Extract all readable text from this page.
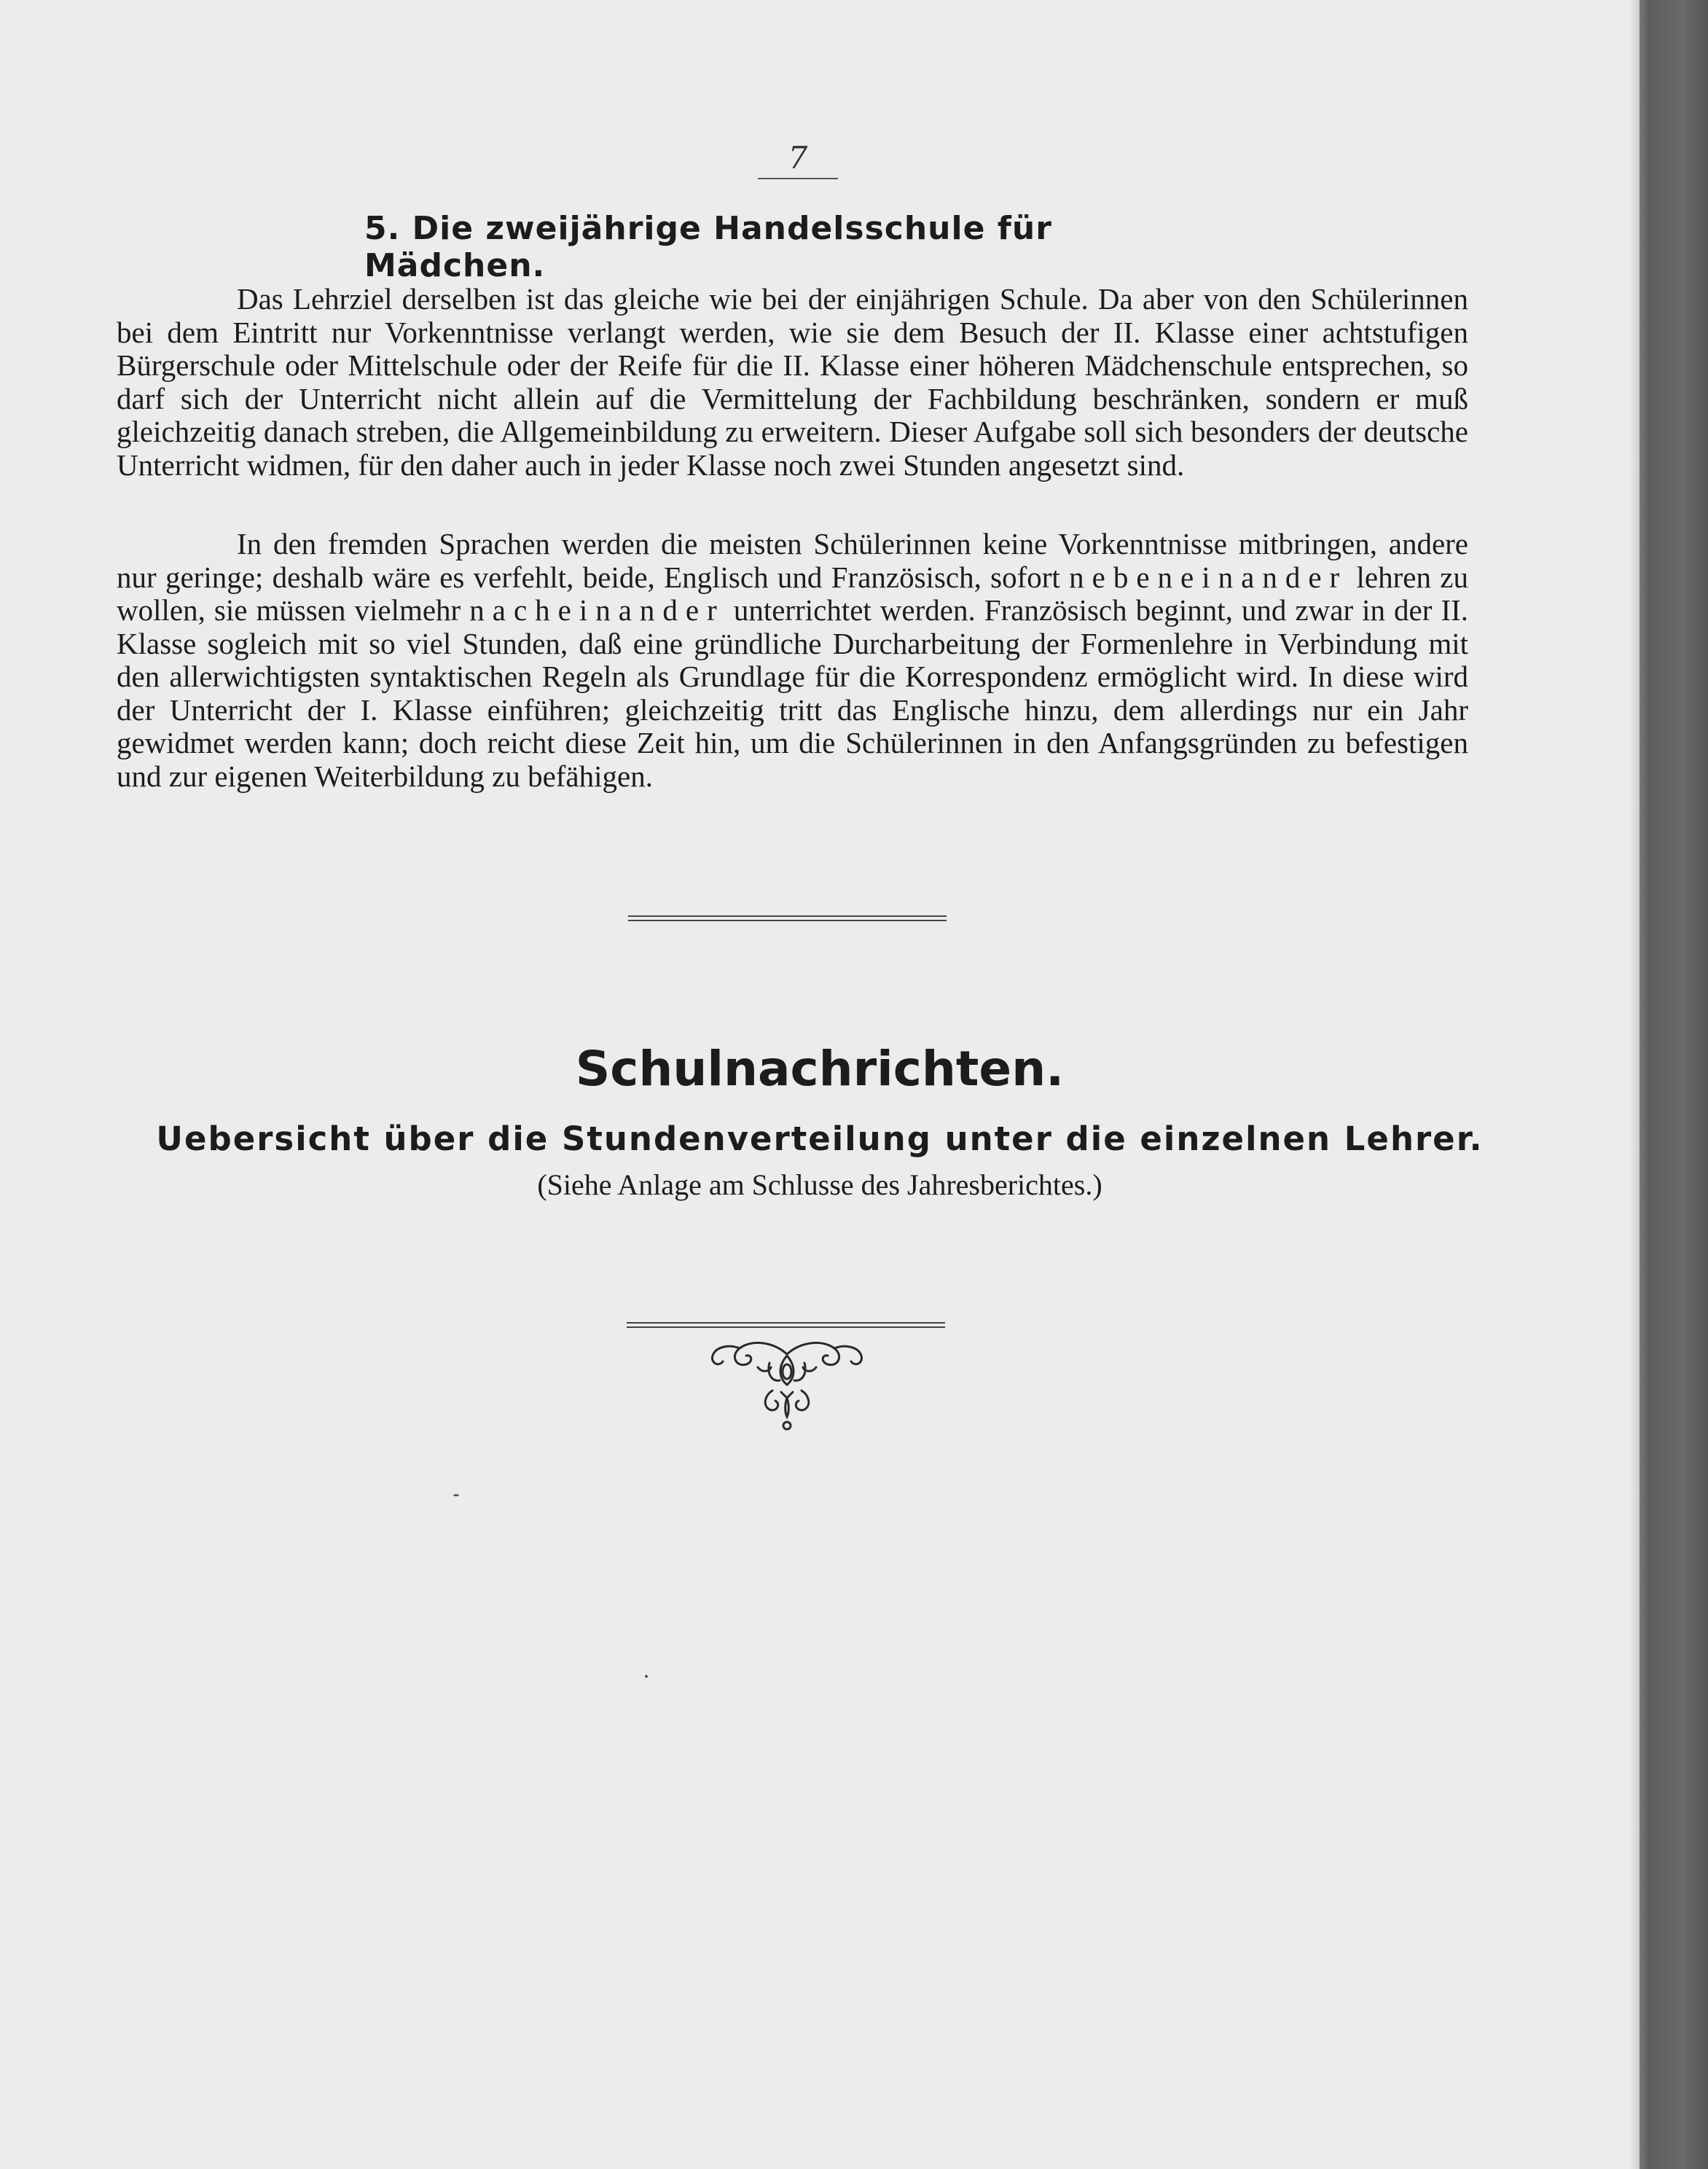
7
5. Die zweijährige Handelsschule für Mädchen.

Das Lehrziel derselben ist das gleiche wie bei der einjährigen Schule. Da aber von den Schülerinnen bei dem Eintritt nur Vorkenntnisse verlangt werden, wie sie dem Besuch der II. Klasse einer achtstufigen Bürgerschule oder Mittelschule oder der Reife für die II. Klasse einer höheren Mädchenschule entsprechen, so darf sich der Unterricht nicht allein auf die Vermittelung der Fachbildung beschränken, sondern er muß gleichzeitig danach streben, die Allgemeinbildung zu erweitern. Dieser Aufgabe soll sich besonders der deutsche Unterricht widmen, für den daher auch in jeder Klasse noch zwei Stunden angesetzt sind.

In den fremden Sprachen werden die meisten Schülerinnen keine Vorkenntnisse mitbringen, andere nur geringe; deshalb wäre es verfehlt, beide, Englisch und Französisch, sofort nebeneinander lehren zu wollen, sie müssen vielmehr nacheinander unterrichtet werden. Französisch beginnt, und zwar in der II. Klasse sogleich mit so viel Stunden, daß eine gründliche Durcharbeitung der Formenlehre in Verbindung mit den allerwichtigsten syntaktischen Regeln als Grundlage für die Korrespondenz ermöglicht wird. In diese wird der Unterricht der I. Klasse einführen; gleichzeitig tritt das Englische hinzu, dem allerdings nur ein Jahr gewidmet werden kann; doch reicht diese Zeit hin, um die Schülerinnen in den Anfangsgründen zu befestigen und zur eigenen Weiterbildung zu befähigen.

Schulnachrichten.
Uebersicht über die Stundenverteilung unter die einzelnen Lehrer.
(Siehe Anlage am Schlusse des Jahresberichtes.)
